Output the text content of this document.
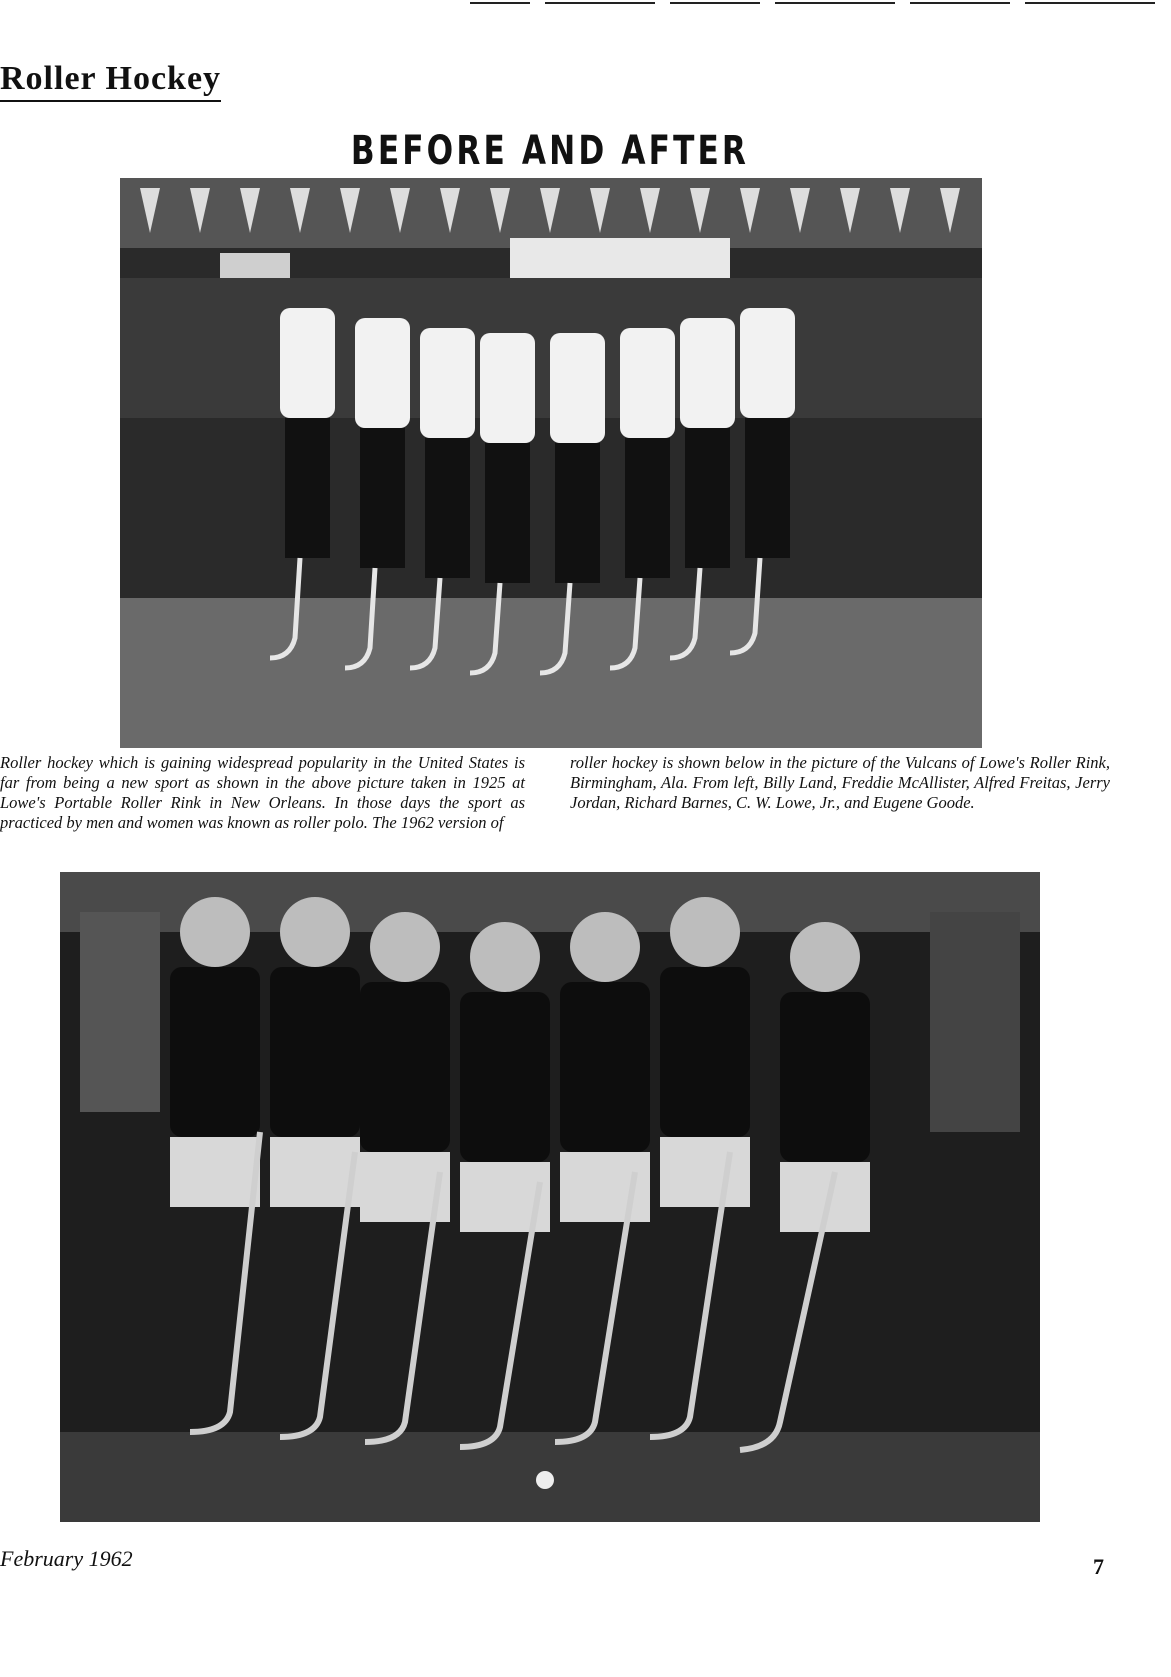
Roller Hockey
BEFORE AND AFTER
Roller hockey which is gaining widespread popularity in the United States is far from being a new sport as shown in the above picture taken in 1925 at Lowe's Portable Roller Rink in New Orleans. In those days the sport as practiced by men and women was known as roller polo. The 1962 version of
roller hockey is shown below in the picture of the Vulcans of Lowe's Roller Rink, Birmingham, Ala. From left, Billy Land, Freddie McAllister, Alfred Freitas, Jerry Jordan, Richard Barnes, C. W. Lowe, Jr., and Eugene Goode.
February 1962	7
